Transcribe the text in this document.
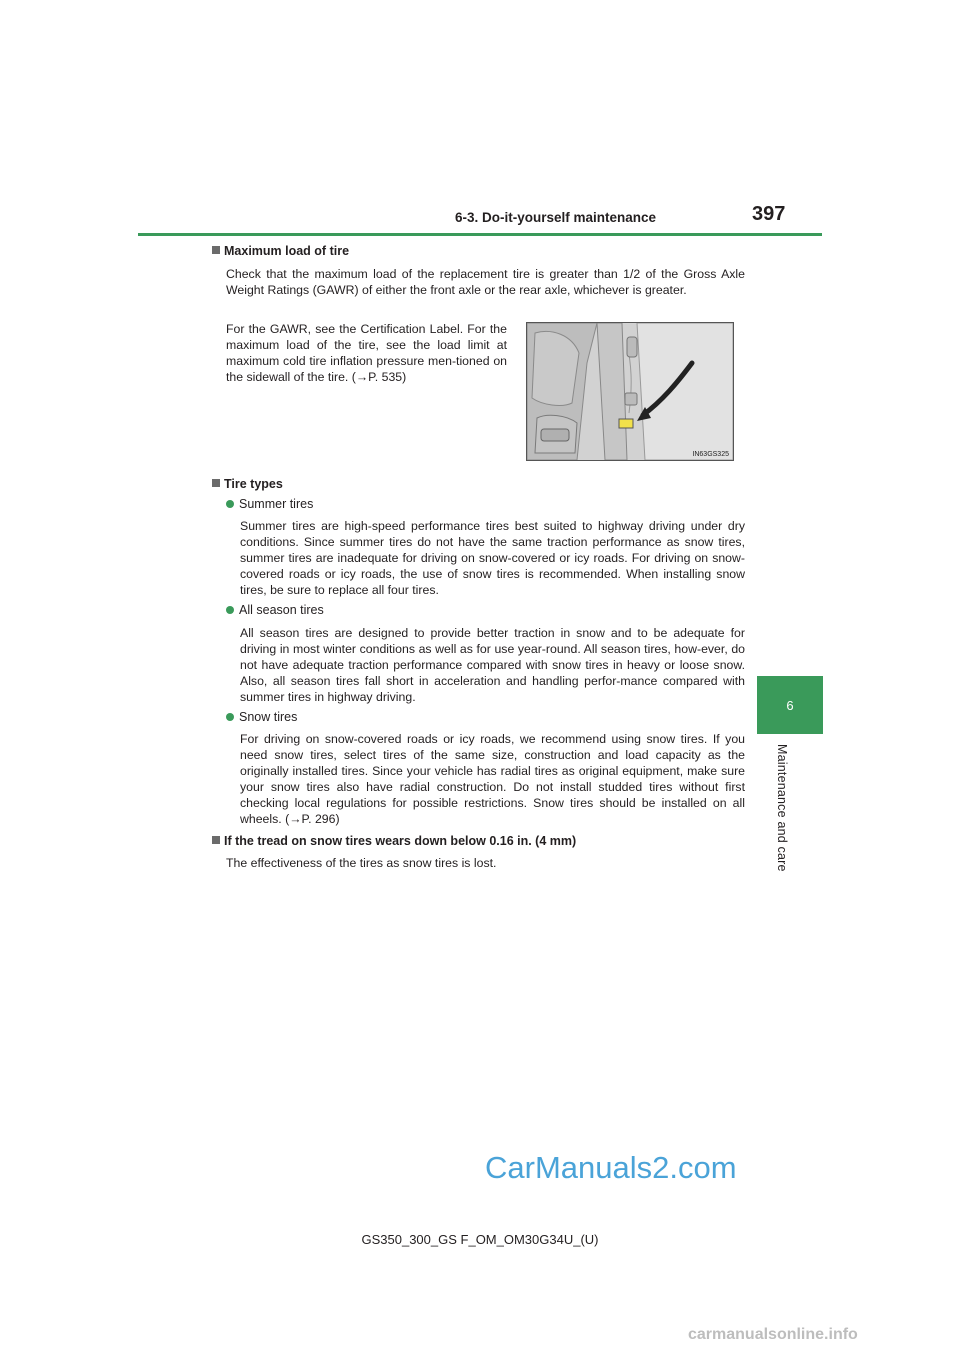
6-3. Do-it-yourself maintenance	397
6
Maintenance and care
Maximum load of tire
Check that the maximum load of the replacement tire is greater than 1/2 of the Gross Axle Weight Ratings (GAWR) of either the front axle or the rear axle, whichever is greater.
For the GAWR, see the Certification Label. For the maximum load of the tire, see the load limit at maximum cold tire inflation pressure men-tioned on the sidewall of the tire. (→P. 535)
IN63GS325
Tire types
Summer tires
Summer tires are high-speed performance tires best suited to highway driving under dry conditions. Since summer tires do not have the same traction performance as snow tires, summer tires are inadequate for driving on snow-covered or icy roads. For driving on snow-covered roads or icy roads, the use of snow tires is recommended. When installing snow tires, be sure to replace all four tires.
All season tires
All season tires are designed to provide better traction in snow and to be adequate for driving in most winter conditions as well as for use year-round. All season tires, how-ever, do not have adequate traction performance compared with snow tires in heavy or loose snow. Also, all season tires fall short in acceleration and handling perfor-mance compared with summer tires in highway driving.
Snow tires
For driving on snow-covered roads or icy roads, we recommend using snow tires. If you need snow tires, select tires of the same size, construction and load capacity as the originally installed tires. Since your vehicle has radial tires as original equipment, make sure your snow tires also have radial construction. Do not install studded tires without first checking local regulations for possible restrictions. Snow tires should be installed on all wheels. (→P. 296)
If the tread on snow tires wears down below 0.16 in. (4 mm)
The effectiveness of the tires as snow tires is lost.
GS350_300_GS F_OM_OM30G34U_(U)
CarManuals2.com
carmanualsonline.info
